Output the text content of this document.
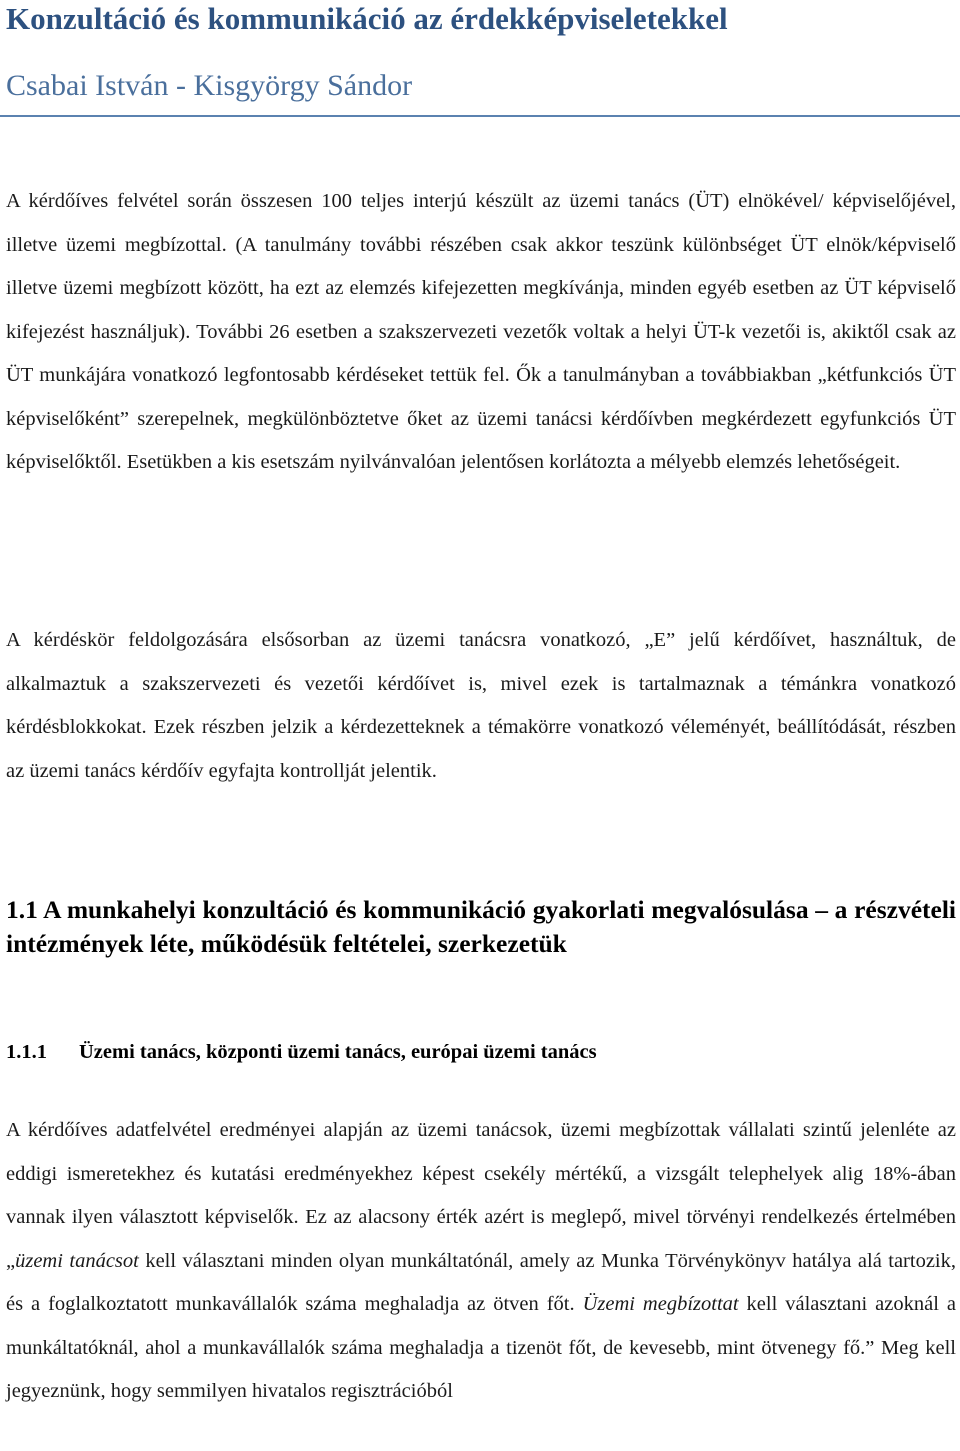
Konzultáció és kommunikáció az érdekképviseletekkel
Csabai István - Kisgyörgy Sándor

A kérdőíves felvétel során összesen 100 teljes interjú készült az üzemi tanács (ÜT) elnökével/ képviselőjével, illetve üzemi megbízottal. (A tanulmány további részében csak akkor teszünk különbséget ÜT elnök/képviselő illetve üzemi megbízott között, ha ezt az elemzés kifejezetten megkívánja, minden egyéb esetben az ÜT képviselő kifejezést használjuk). További 26 esetben a szakszervezeti vezetők voltak a helyi ÜT-k vezetői is, akiktől csak az ÜT munkájára vonatkozó legfontosabb kérdéseket tettük fel. Ők a tanulmányban a továbbiakban „kétfunkciós ÜT képviselőként” szerepelnek, megkülönböztetve őket az üzemi tanácsi kérdőívben megkérdezett egyfunkciós ÜT képviselőktől. Esetükben a kis esetszám nyilvánvalóan jelentősen korlátozta a mélyebb elemzés lehetőségeit.

A kérdéskör feldolgozására elsősorban az üzemi tanácsra vonatkozó, „E” jelű kérdőívet, használtuk, de alkalmaztuk a szakszervezeti és vezetői kérdőívet is, mivel ezek is tartalmaznak a témánkra vonatkozó kérdésblokkokat. Ezek részben jelzik a kérdezetteknek a témakörre vonatkozó véleményét, beállítódását, részben az üzemi tanács kérdőív egyfajta kontrollját jelentik.

1.1 A munkahelyi konzultáció és kommunikáció gyakorlati megvalósulása – a részvételi intézmények léte, működésük feltételei, szerkezetük
1.1.1 Üzemi tanács, központi üzemi tanács, európai üzemi tanács

A kérdőíves adatfelvétel eredményei alapján az üzemi tanácsok, üzemi megbízottak vállalati szintű jelenléte az eddigi ismeretekhez és kutatási eredményekhez képest csekély mértékű, a vizsgált telephelyek alig 18%-ában vannak ilyen választott képviselők. Ez az alacsony érték azért is meglepő, mivel törvényi rendelkezés értelmében „üzemi tanácsot kell választani minden olyan munkáltatónál, amely az Munka Törvénykönyv hatálya alá tartozik, és a foglalkoztatott munkavállalók száma meghaladja az ötven főt. Üzemi megbízottat kell választani azoknál a munkáltatóknál, ahol a munkavállalók száma meghaladja a tizenöt főt, de kevesebb, mint ötvenegy fő.” Meg kell jegyeznünk, hogy semmilyen hivatalos regisztrációból
